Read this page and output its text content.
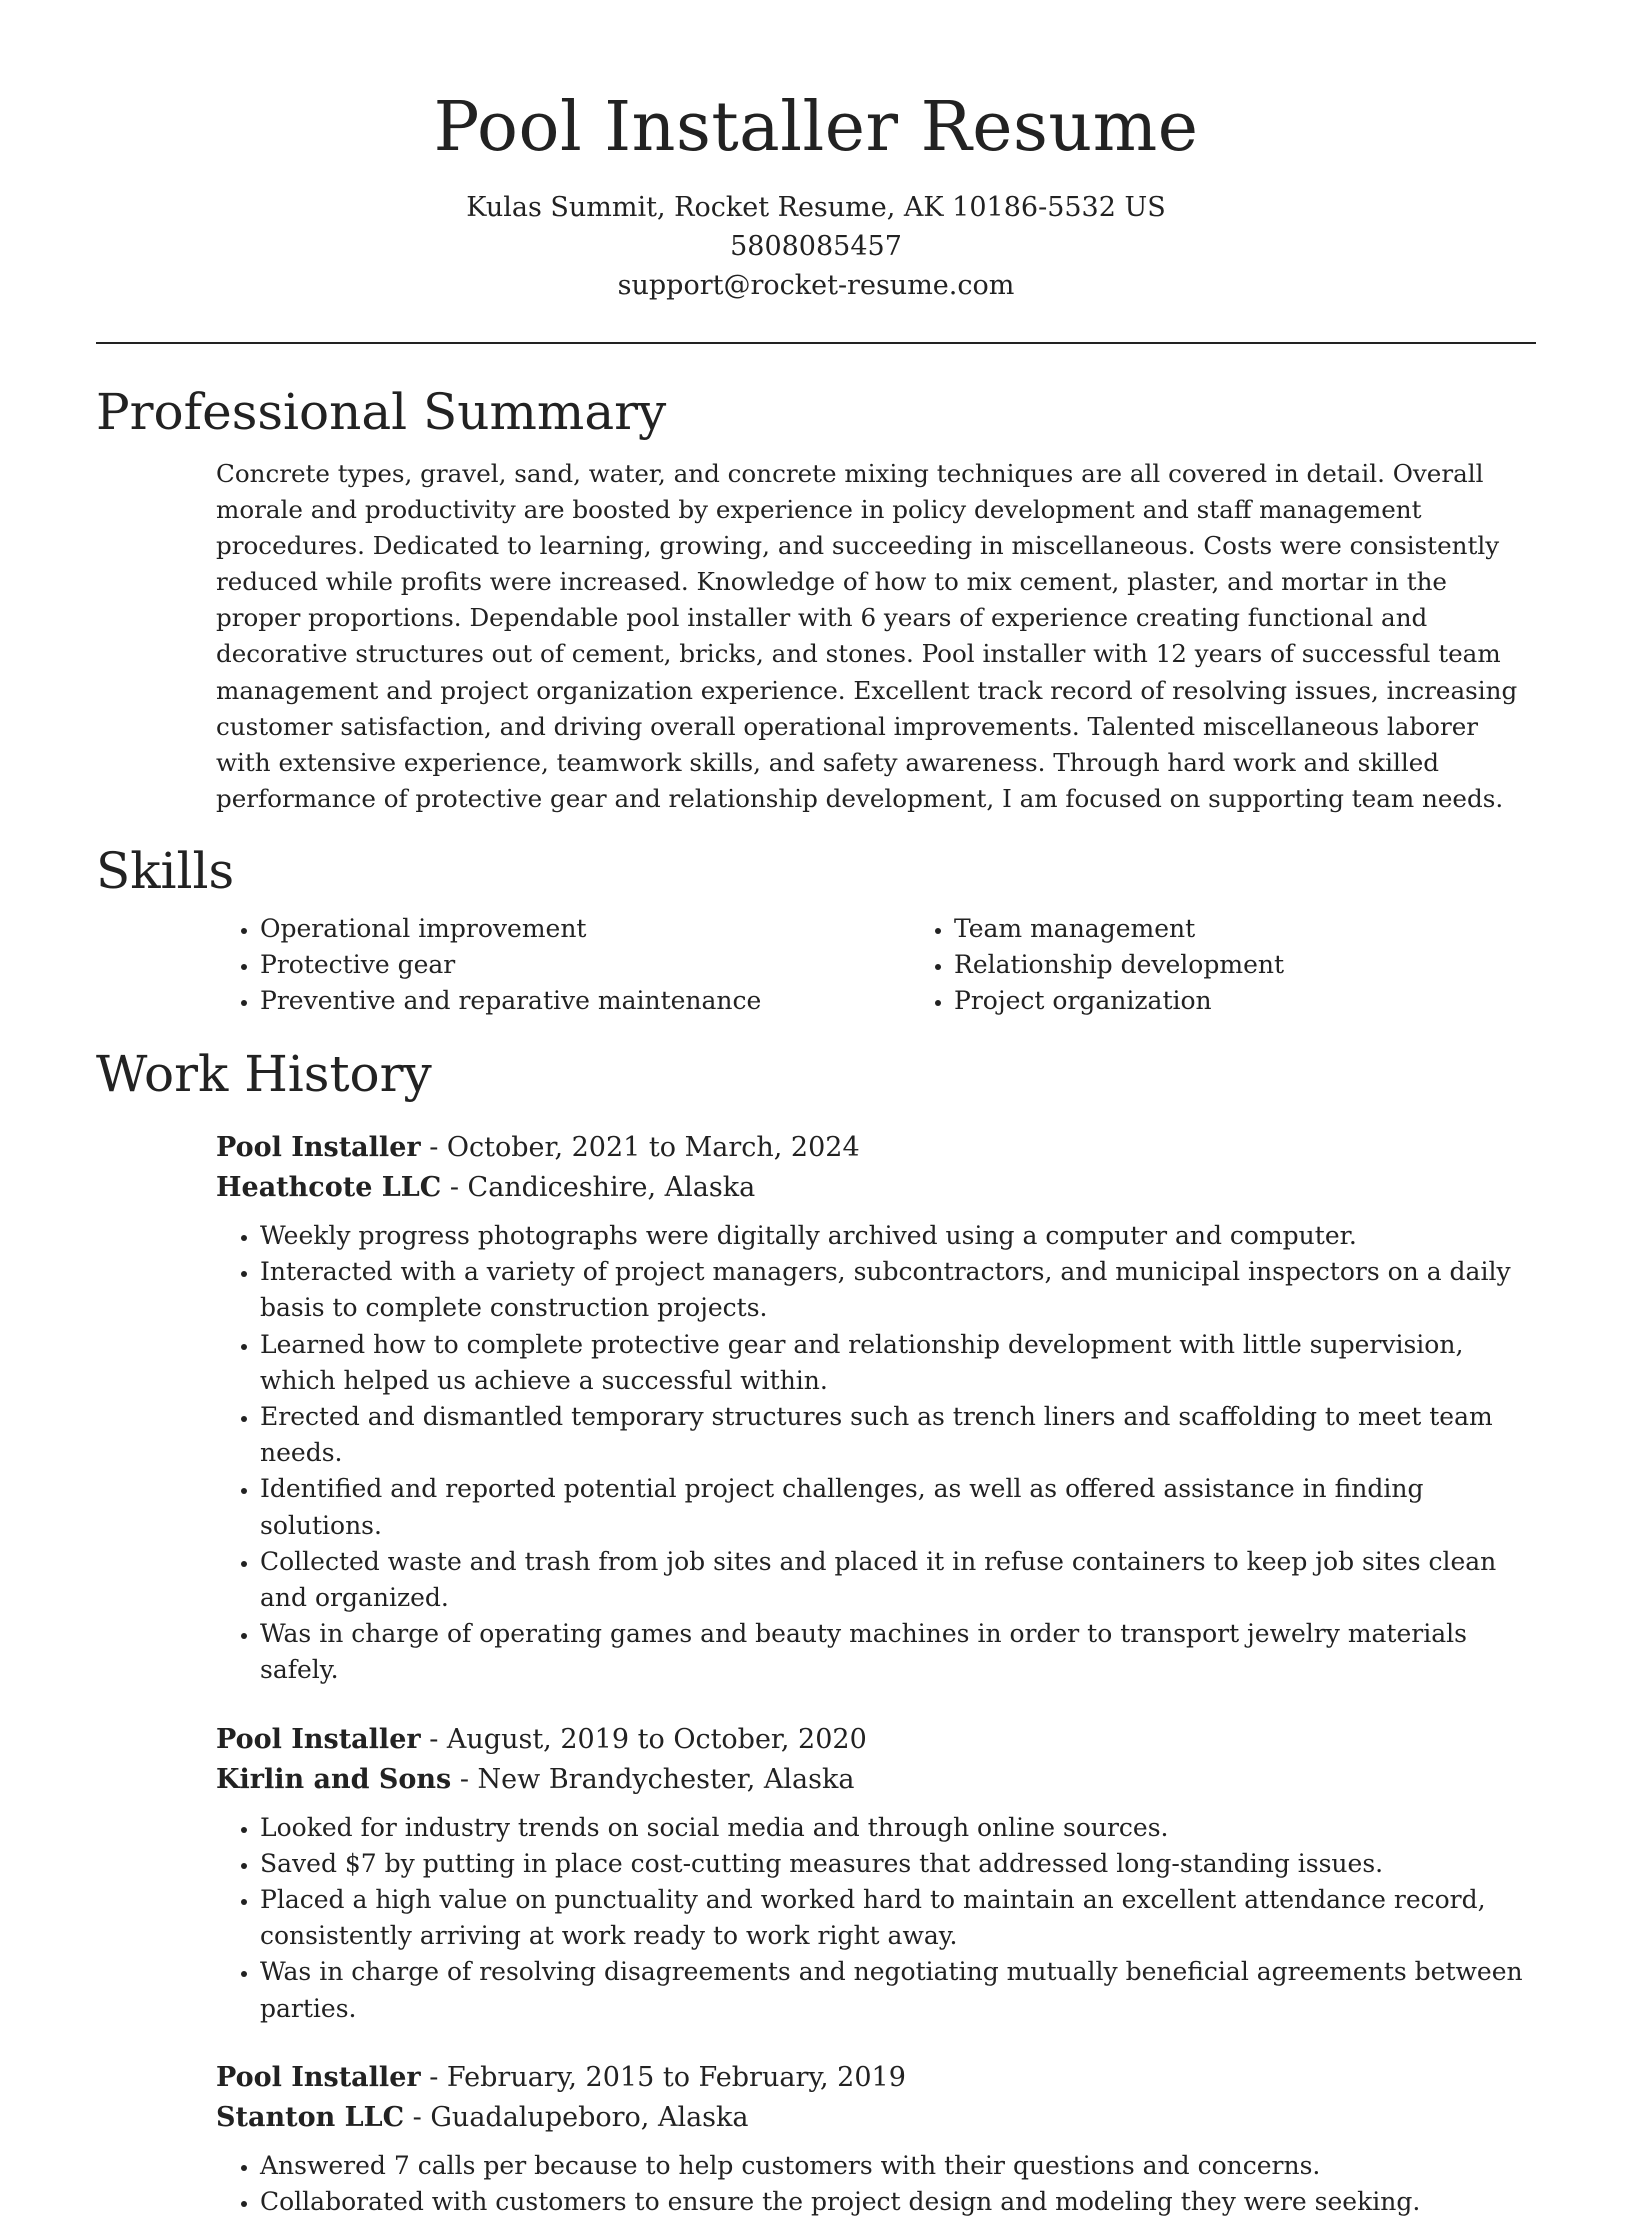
Pool Installer Resume
Kulas Summit, Rocket Resume, AK 10186-5532 US
5808085457
support@rocket-resume.com
Professional Summary
Concrete types, gravel, sand, water, and concrete mixing techniques are all covered in detail. Overall morale and productivity are boosted by experience in policy development and staff management procedures. Dedicated to learning, growing, and succeeding in miscellaneous. Costs were consistently reduced while profits were increased. Knowledge of how to mix cement, plaster, and mortar in the proper proportions. Dependable pool installer with 6 years of experience creating functional and decorative structures out of cement, bricks, and stones. Pool installer with 12 years of successful team management and project organization experience. Excellent track record of resolving issues, increasing customer satisfaction, and driving overall operational improvements. Talented miscellaneous laborer with extensive experience, teamwork skills, and safety awareness. Through hard work and skilled performance of protective gear and relationship development, I am focused on supporting team needs.
Skills
• Operational improvement
• Protective gear
• Preventive and reparative maintenance
• Team management
• Relationship development
• Project organization
Work History
Pool Installer - October, 2021 to March, 2024
Heathcote LLC - Candiceshire, Alaska
• Weekly progress photographs were digitally archived using a computer and computer.
• Interacted with a variety of project managers, subcontractors, and municipal inspectors on a daily basis to complete construction projects.
• Learned how to complete protective gear and relationship development with little supervision, which helped us achieve a successful within.
• Erected and dismantled temporary structures such as trench liners and scaffolding to meet team needs.
• Identified and reported potential project challenges, as well as offered assistance in finding solutions.
• Collected waste and trash from job sites and placed it in refuse containers to keep job sites clean and organized.
• Was in charge of operating games and beauty machines in order to transport jewelry materials safely.
Pool Installer - August, 2019 to October, 2020
Kirlin and Sons - New Brandychester, Alaska
• Looked for industry trends on social media and through online sources.
• Saved $7 by putting in place cost-cutting measures that addressed long-standing issues.
• Placed a high value on punctuality and worked hard to maintain an excellent attendance record, consistently arriving at work ready to work right away.
• Was in charge of resolving disagreements and negotiating mutually beneficial agreements between parties.
Pool Installer - February, 2015 to February, 2019
Stanton LLC - Guadalupeboro, Alaska
• Answered 7 calls per because to help customers with their questions and concerns.
• Collaborated with customers to ensure the project design and modeling they were seeking.
